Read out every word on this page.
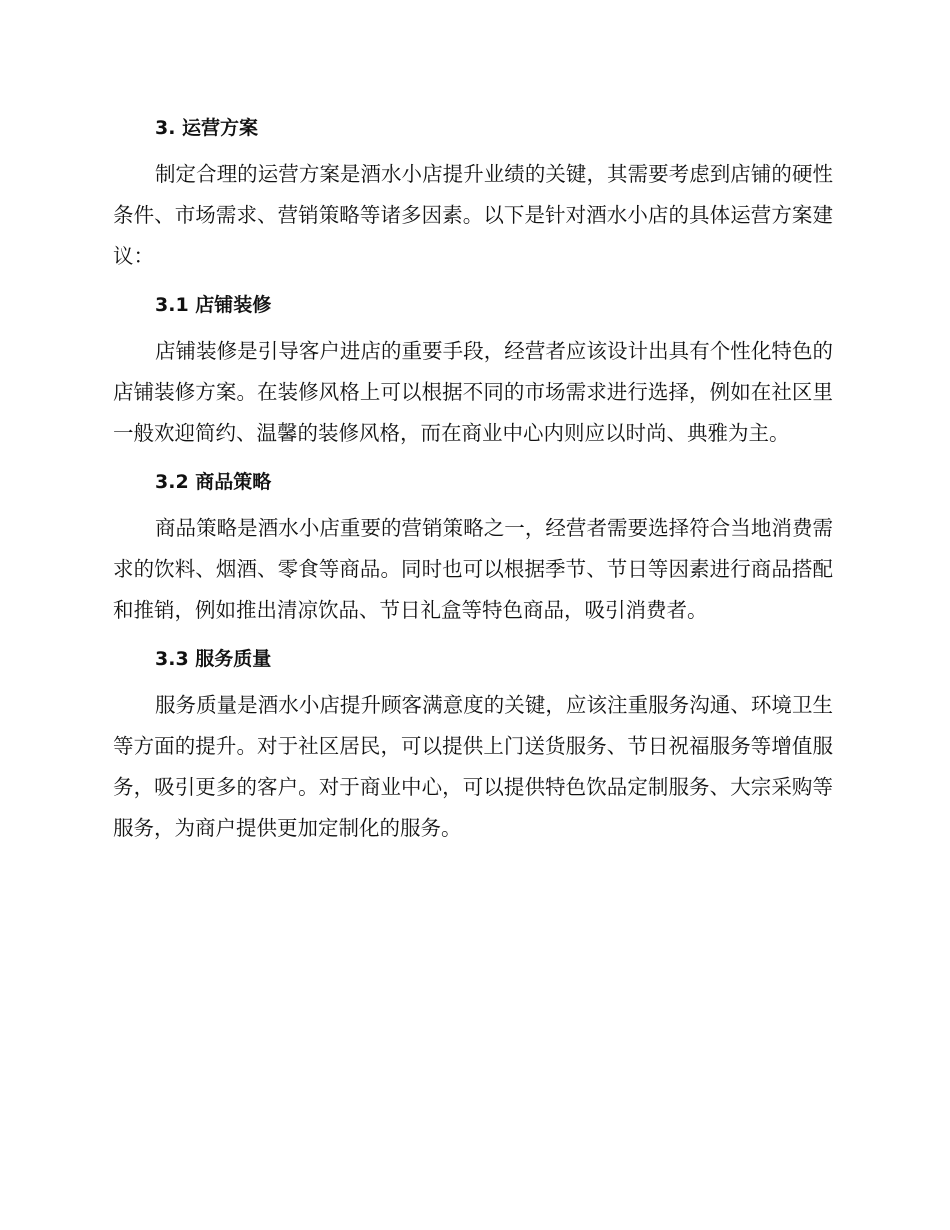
3. 运营方案

制定合理的运营方案是酒水小店提升业绩的关键，其需要考虑到店铺的硬性条件、市场需求、营销策略等诸多因素。以下是针对酒水小店的具体运营方案建议：

3.1 店铺装修

店铺装修是引导客户进店的重要手段，经营者应该设计出具有个性化特色的店铺装修方案。在装修风格上可以根据不同的市场需求进行选择，例如在社区里一般欢迎简约、温馨的装修风格，而在商业中心内则应以时尚、典雅为主。

3.2 商品策略

商品策略是酒水小店重要的营销策略之一，经营者需要选择符合当地消费需求的饮料、烟酒、零食等商品。同时也可以根据季节、节日等因素进行商品搭配和推销，例如推出清凉饮品、节日礼盒等特色商品，吸引消费者。

3.3 服务质量

服务质量是酒水小店提升顾客满意度的关键，应该注重服务沟通、环境卫生等方面的提升。对于社区居民，可以提供上门送货服务、节日祝福服务等增值服务，吸引更多的客户。对于商业中心，可以提供特色饮品定制服务、大宗采购等服务，为商户提供更加定制化的服务。
